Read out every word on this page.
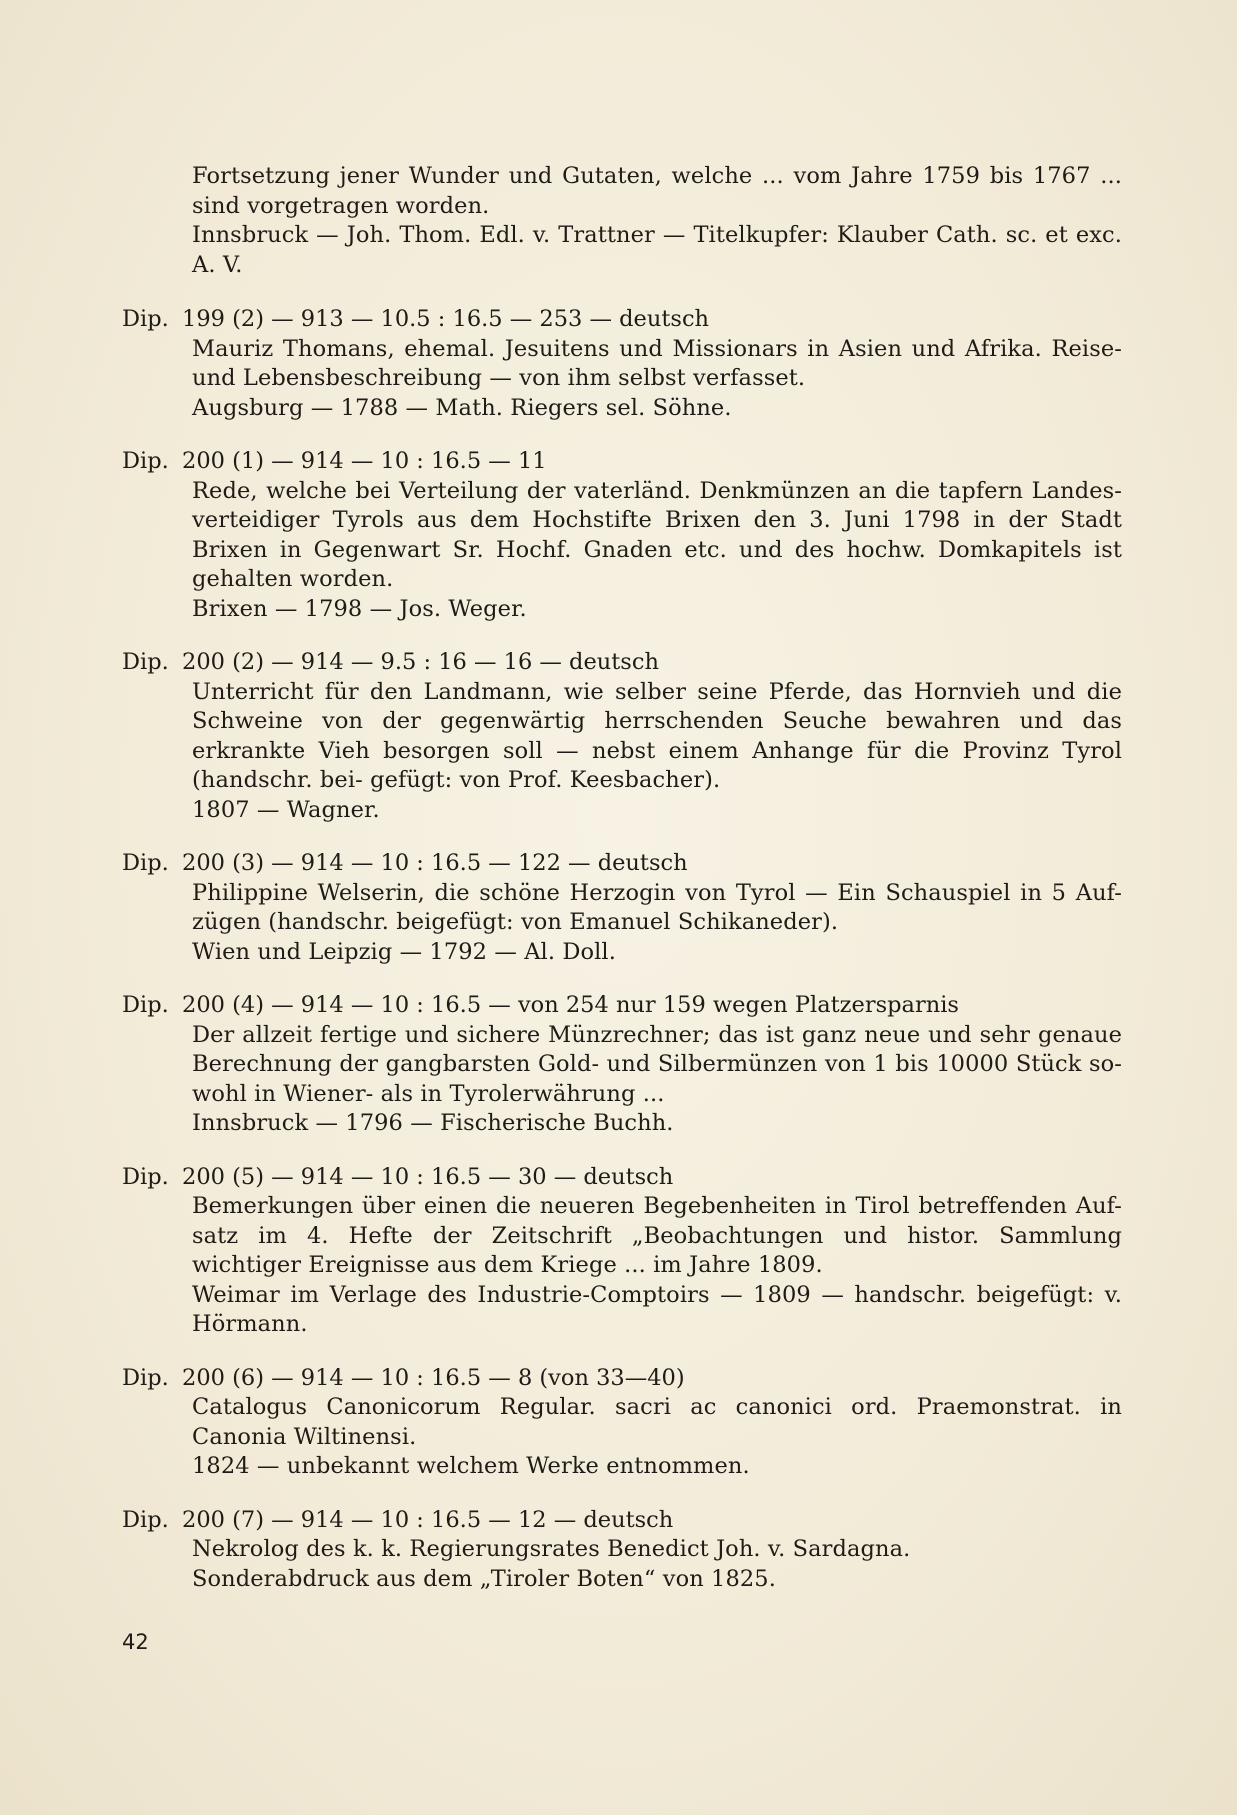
Fortsetzung jener Wunder und Gutaten, welche ... vom Jahre 1759 bis 1767 ... sind vorgetragen worden.

Innsbruck — Joh. Thom. Edl. v. Trattner — Titelkupfer: Klauber Cath. sc. et exc. A. V.

Dip. 199 (2) — 913 — 10.5 : 16.5 — 253 — deutsch

Mauriz Thomans, ehemal. Jesuitens und Missionars in Asien und Afrika. Reise- und Lebensbeschreibung — von ihm selbst verfasset.

Augsburg — 1788 — Math. Riegers sel. Söhne.

Dip. 200 (1) — 914 — 10 : 16.5 — 11

Rede, welche bei Verteilung der vaterländ. Denkmünzen an die tapfern Landes- verteidiger Tyrols aus dem Hochstifte Brixen den 3. Juni 1798 in der Stadt Brixen in Gegenwart Sr. Hochf. Gnaden etc. und des hochw. Domkapitels ist gehalten worden.

Brixen — 1798 — Jos. Weger.

Dip. 200 (2) — 914 — 9.5 : 16 — 16 — deutsch

Unterricht für den Landmann, wie selber seine Pferde, das Hornvieh und die Schweine von der gegenwärtig herrschenden Seuche bewahren und das erkrankte Vieh besorgen soll — nebst einem Anhange für die Provinz Tyrol (handschr. bei- gefügt: von Prof. Keesbacher).

1807 — Wagner.

Dip. 200 (3) — 914 — 10 : 16.5 — 122 — deutsch

Philippine Welserin, die schöne Herzogin von Tyrol — Ein Schauspiel in 5 Auf- zügen (handschr. beigefügt: von Emanuel Schikaneder).

Wien und Leipzig — 1792 — Al. Doll.

Dip. 200 (4) — 914 — 10 : 16.5 — von 254 nur 159 wegen Platzersparnis

Der allzeit fertige und sichere Münzrechner; das ist ganz neue und sehr genaue Berechnung der gangbarsten Gold- und Silbermünzen von 1 bis 10000 Stück so- wohl in Wiener- als in Tyrolerwährung ...

Innsbruck — 1796 — Fischerische Buchh.

Dip. 200 (5) — 914 — 10 : 16.5 — 30 — deutsch

Bemerkungen über einen die neueren Begebenheiten in Tirol betreffenden Auf- satz im 4. Hefte der Zeitschrift „Beobachtungen und histor. Sammlung wichtiger Ereignisse aus dem Kriege ... im Jahre 1809.

Weimar im Verlage des Industrie-Comptoirs — 1809 — handschr. beigefügt: v. Hörmann.

Dip. 200 (6) — 914 — 10 : 16.5 — 8 (von 33—40)

Catalogus Canonicorum Regular. sacri ac canonici ord. Praemonstrat. in Canonia Wiltinensi.

1824 — unbekannt welchem Werke entnommen.

Dip. 200 (7) — 914 — 10 : 16.5 — 12 — deutsch

Nekrolog des k. k. Regierungsrates Benedict Joh. v. Sardagna.

Sonderabdruck aus dem „Tiroler Boten“ von 1825.

42
